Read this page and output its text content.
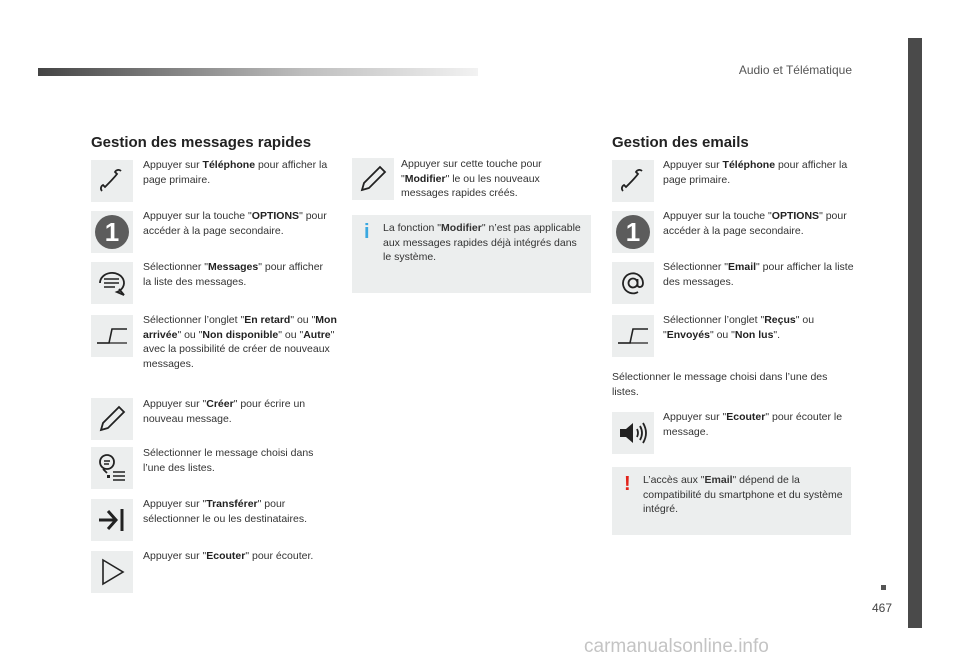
Audio et Télématique
467
carmanualsonline.info
Gestion des messages rapides
Appuyer sur Téléphone pour afficher la page primaire.
1
Appuyer sur la touche "OPTIONS" pour accéder à la page secondaire.
Sélectionner "Messages" pour afficher la liste des messages.
Sélectionner l’onglet "En retard" ou "Mon arrivée" ou "Non disponible" ou "Autre" avec la possibilité de créer de nouveaux messages.
Appuyer sur "Créer" pour écrire un nouveau message.
Sélectionner le message choisi dans l’une des listes.
Appuyer sur "Transférer" pour sélectionner le ou les destinataires.
Appuyer sur "Ecouter" pour écouter.
Appuyer sur cette touche pour "Modifier" le ou les nouveaux messages rapides créés.
i La fonction "Modifier" n’est pas applicable aux messages rapides déjà intégrés dans le système.
Gestion des emails
Appuyer sur Téléphone pour afficher la page primaire.
1
Appuyer sur la touche "OPTIONS" pour accéder à la page secondaire.
Sélectionner "Email" pour afficher la liste des messages.
Sélectionner l’onglet "Reçus" ou "Envoyés" ou "Non lus".
Sélectionner le message choisi dans l’une des listes.
Appuyer sur "Ecouter" pour écouter le message.
! L’accès aux "Email" dépend de la compatibilité du smartphone et du système intégré.
